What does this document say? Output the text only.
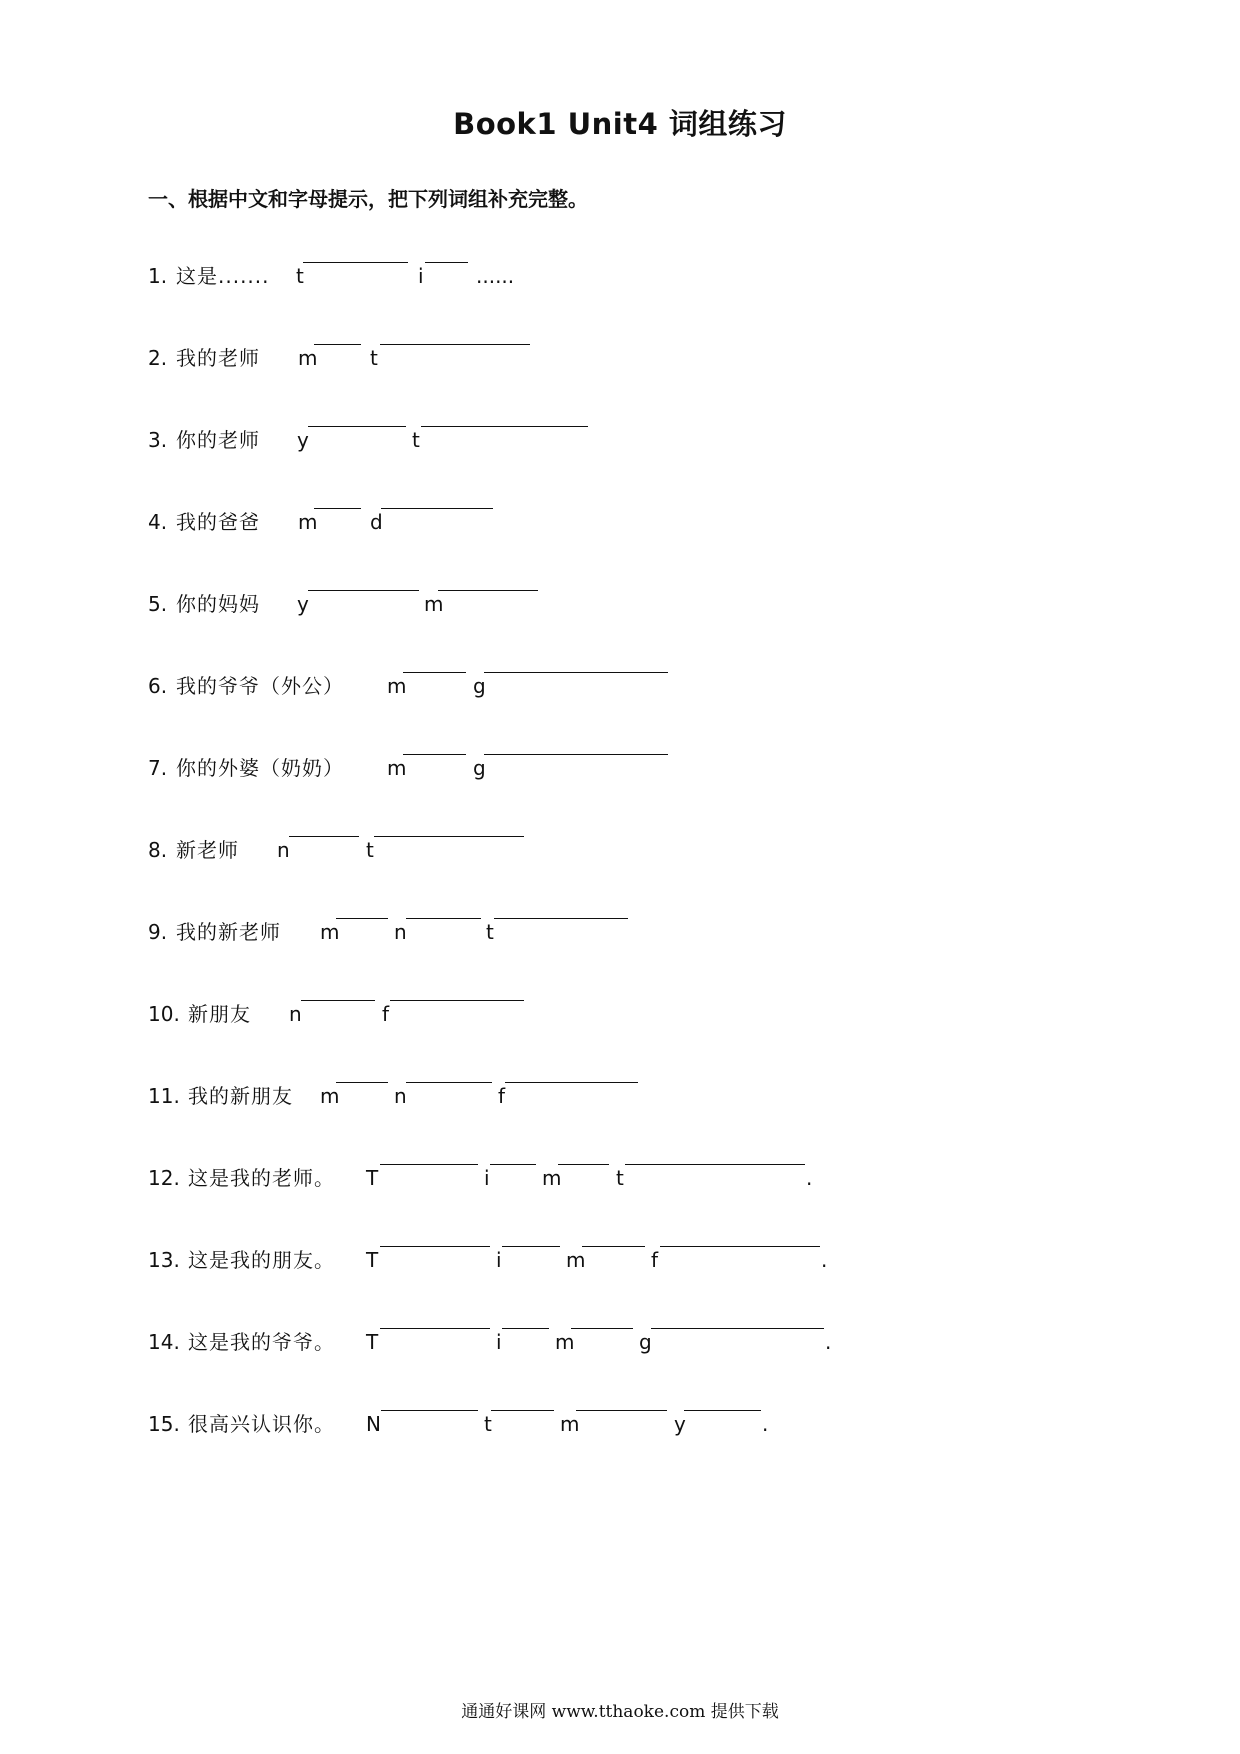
Book1 Unit4 词组练习
一、根据中文和字母提示，把下列词组补充完整。
1. 这是....... t	i	......
2. 我的老师 m	t
3. 你的老师 y	t
4. 我的爸爸 m	d
5. 你的妈妈 y	m
6. 我的爷爷（外公） m	g
7. 你的外婆（奶奶） m	g
8. 新老师 n	t
9. 我的新老师 m	n	t
10. 新朋友 n	f
11. 我的新朋友 m	n	f
12. 这是我的老师。 T	i	m	t	.
13. 这是我的朋友。 T	i	m	f	.
14. 这是我的爷爷。 T	i	m	g	.
15. 很高兴认识你。 N	t	m	y	.
通通好课网 www.tthaoke.com 提供下载
